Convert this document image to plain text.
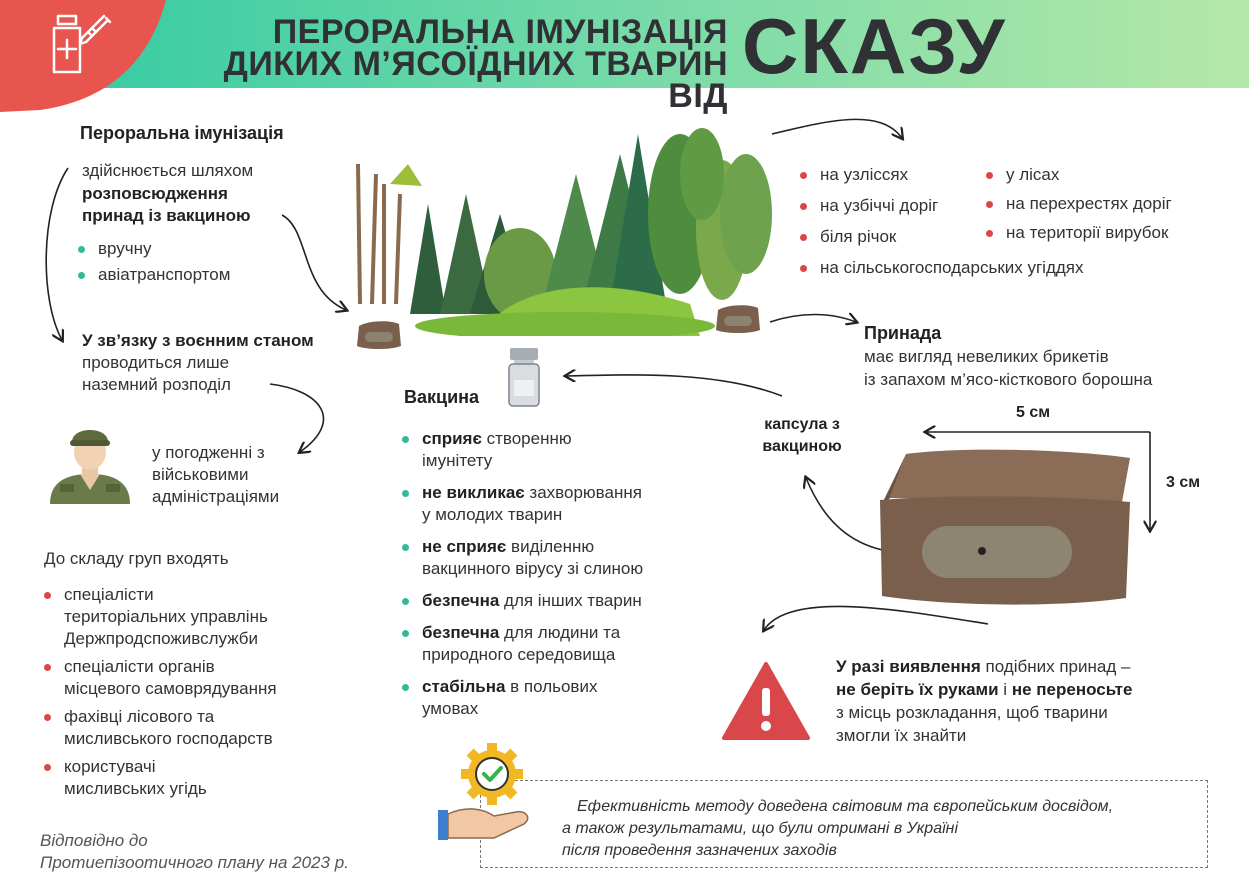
ПЕРОРАЛЬНА ІМУНІЗАЦІЯ
ДИКИХ М’ЯСОЇДНИХ ТВАРИН ВІД
СКАЗУ
Пероральна імунізація
здійснюється шляхом
розповсюдження
принад із вакциною
вручну
авіатранспортом
У зв’язку з воєнним станом
проводиться лише
наземний розподіл
у погодженні з
військовими
адміністраціями
До складу груп входять
спеціалісти
територіальних управлінь
Держпродспоживслужби
спеціалісти органів
місцевого самоврядування
фахівці лісового та
мисливського господарств
користувачі
мисливських угідь
Відповідно до
Протиепізоотичного плану на 2023 р.
на узліссях
на узбіччі доріг
біля річок
на сільськогосподарських угіддях
у лісах
на перехрестях доріг
на території вирубок
Принада
має вигляд невеликих брикетів
із запахом м’ясо-кісткового борошна
5 см
3 см
капсула з
вакциною
Вакцина
сприяє створенню
імунітету
не викликає захворювання
у молодих тварин
не сприяє виділенню
вакцинного вірусу зі слиною
безпечна для інших тварин
безпечна для людини та
природного середовища
стабільна в польових
умовах
У разі виявлення подібних принад –
не беріть їх руками і не переносьте
з місць розкладання, щоб тварини
змогли їх знайти
Ефективність методу доведена світовим та європейським досвідом,
а також результатами, що були отримані в Україні
після проведення зазначених заходів
